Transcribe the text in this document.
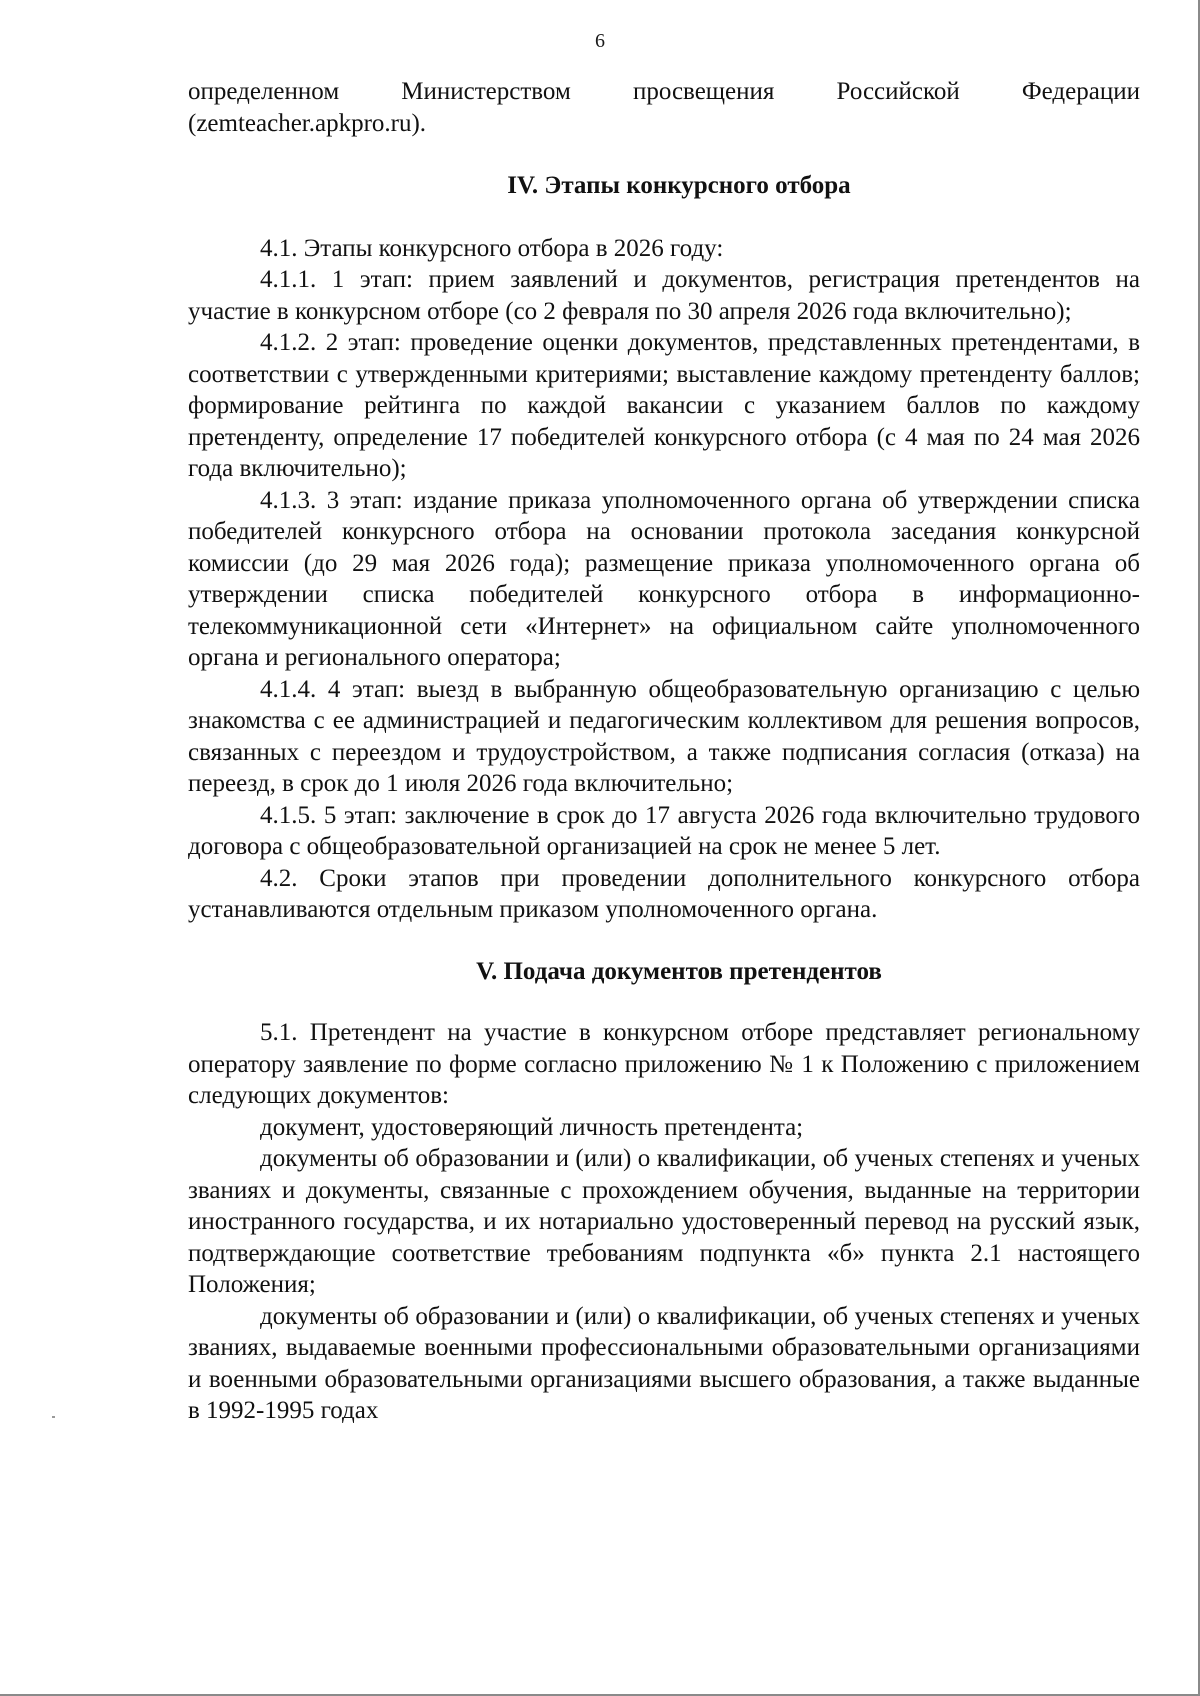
6

определенном Министерством просвещения Российской Федерации (zemteacher.apkpro.ru).

IV. Этапы конкурсного отбора

4.1. Этапы конкурсного отбора в 2026 году:

4.1.1. 1 этап: прием заявлений и документов, регистрация претендентов на участие в конкурсном отборе (со 2 февраля по 30 апреля 2026 года включительно);

4.1.2. 2 этап: проведение оценки документов, представленных претендентами, в соответствии с утвержденными критериями; выставление каждому претенденту баллов; формирование рейтинга по каждой вакансии с указанием баллов по каждому претенденту, определение 17 победителей конкурсного отбора (с 4 мая по 24 мая 2026 года включительно);

4.1.3. 3 этап: издание приказа уполномоченного органа об утверждении списка победителей конкурсного отбора на основании протокола заседания конкурсной комиссии (до 29 мая 2026 года); размещение приказа уполномоченного органа об утверждении списка победителей конкурсного отбора в информационно-телекоммуникационной сети «Интернет» на официальном сайте уполномоченного органа и регионального оператора;

4.1.4. 4 этап: выезд в выбранную общеобразовательную организацию с целью знакомства с ее администрацией и педагогическим коллективом для решения вопросов, связанных с переездом и трудоустройством, а также подписания согласия (отказа) на переезд, в срок до 1 июля 2026 года включительно;

4.1.5. 5 этап: заключение в срок до 17 августа 2026 года включительно трудового договора с общеобразовательной организацией на срок не менее 5 лет.

4.2. Сроки этапов при проведении дополнительного конкурсного отбора устанавливаются отдельным приказом уполномоченного органа.

V. Подача документов претендентов

5.1. Претендент на участие в конкурсном отборе представляет региональному оператору заявление по форме согласно приложению № 1 к Положению с приложением следующих документов:

документ, удостоверяющий личность претендента;

документы об образовании и (или) о квалификации, об ученых степенях и ученых званиях и документы, связанные с прохождением обучения, выданные на территории иностранного государства, и их нотариально удостоверенный перевод на русский язык, подтверждающие соответствие требованиям подпункта «б» пункта 2.1 настоящего Положения;

документы об образовании и (или) о квалификации, об ученых степенях и ученых званиях, выдаваемые военными профессиональными образовательными организациями и военными образовательными организациями высшего образования, а также выданные в 1992-1995 годах
